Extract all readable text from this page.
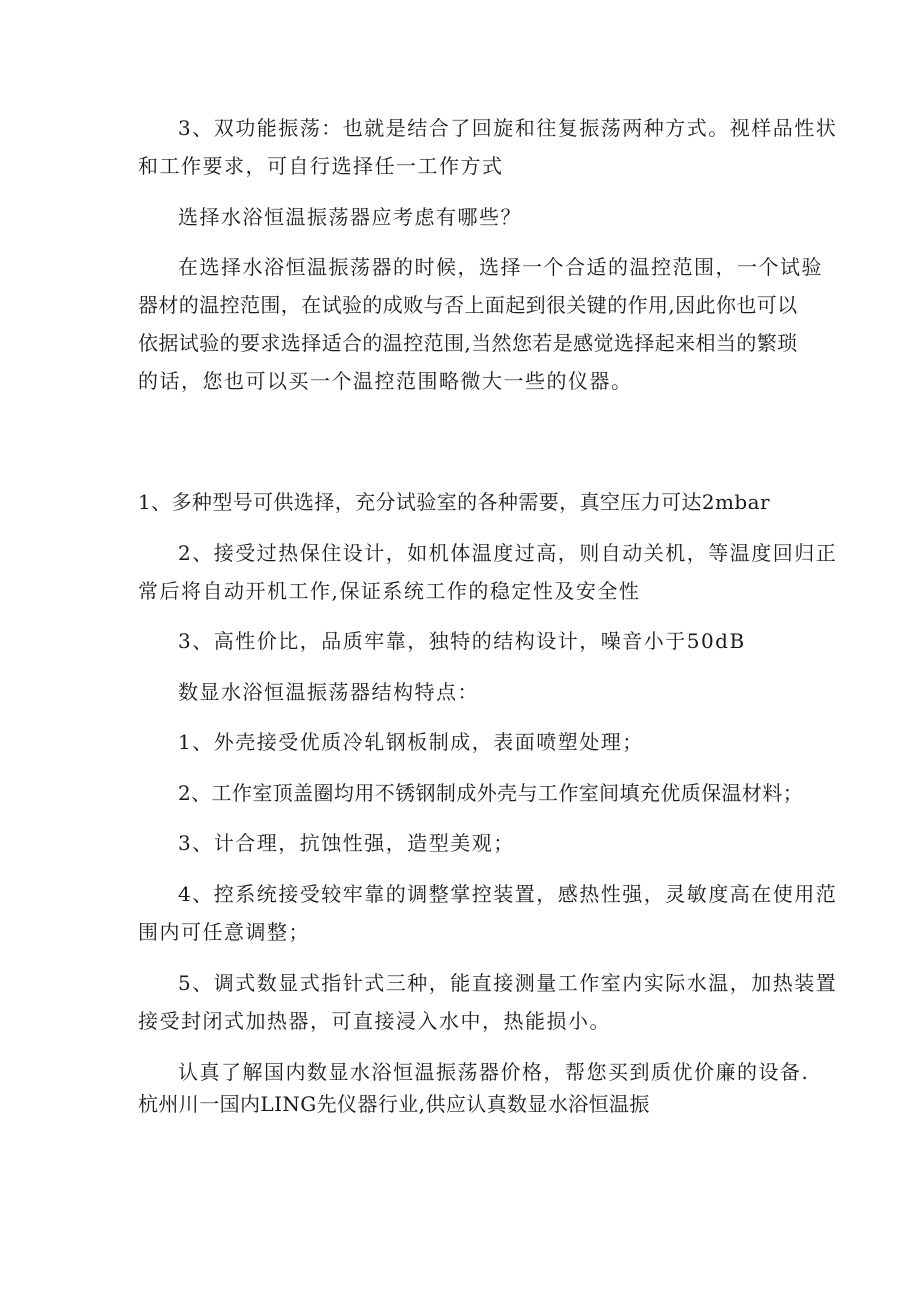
3、双功能振荡：也就是结合了回旋和往复振荡两种方式。视样品性状

和工作要求，可自行选择任一工作方式

选择水浴恒温振荡器应考虑有哪些？

在选择水浴恒温振荡器的时候，选择一个合适的温控范围，一个试验

器材的温控范围，在试验的成败与否上面起到很关键的作用,因此你也可以

依据试验的要求选择适合的温控范围,当然您若是感觉选择起来相当的繁琐

的话，您也可以买一个温控范围略微大一些的仪器。

1、多种型号可供选择，充分试验室的各种需要，真空压力可达2mbar

2、接受过热保住设计，如机体温度过高，则自动关机，等温度回归正

常后将自动开机工作,保证系统工作的稳定性及安全性

3、高性价比，品质牢靠，独特的结构设计，噪音小于50dB

数显水浴恒温振荡器结构特点：

1、外壳接受优质冷轧钢板制成，表面喷塑处理；

2、工作室顶盖圈均用不锈钢制成外壳与工作室间填充优质保温材料；

3、计合理，抗蚀性强，造型美观；

4、控系统接受较牢靠的调整掌控装置，感热性强，灵敏度高在使用范

围内可任意调整；

5、调式数显式指针式三种，能直接测量工作室内实际水温，加热装置

接受封闭式加热器，可直接浸入水中，热能损小。

认真了解国内数显水浴恒温振荡器价格，帮您买到质优价廉的设备.

杭州川一国内LING先仪器行业,供应认真数显水浴恒温振
